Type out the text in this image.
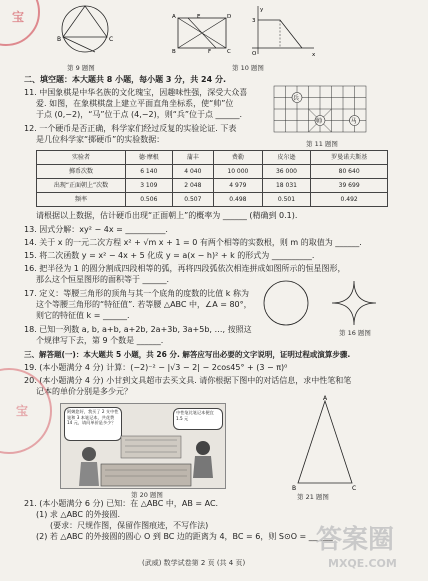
B	C
第 9 题图
A	D
E
B	C
F
y
x
O
3
第 10 题图
二、填空题：本大题共 8 小题，每小题 3 分，共 24 分.
11. 中国象棋是中华名族的文化瑰宝，因趣味性强，深受大众喜
爱. 如图，在象棋棋盘上建立平面直角坐标系，使“帅”位
于点 (0,−2)，“马”位于点 (4,−2)，则“兵”位于点 ______.
兵
帅	马
第 11 题图
12. 一个硬币是否正确，科学家们经过反复的实验论证. 下表
是几位科学家“掷硬币”的实验数据：
实验者	德·摩根	蒲丰	费勒	皮尔逊	罗曼诺夫斯基
掷币次数	6 140	4 040	10 000	36 000	80 640
出现“正面朝上”次数	3 109	2 048	4 979	18 031	39 699
频率	0.506	0.507	0.498	0.501	0.492
请根据以上数据，估计硬币出现“正面朝上”的概率为 ______ (精确到 0.1).
13. 因式分解：xy² − 4x = __________.
14. 关于 x 的一元二次方程 x² + √m x + 1 = 0 有两个相等的实数根，则 m 的取值为 ______.
15. 将二次函数 y = x² − 4x + 5 化成 y = a(x − h)² + k 的形式为 __________.
16. 把半径为 1 的圆分割成四段相等的弧，再将四段弧依次相连拼成如图所示的恒星图形，
那么这个恒星图形的面积等于 ______.
17. 定义：等腰三角形的顶角与其一个底角的度数的比值 k 称为
这个等腰三角形的“特征值”. 若等腰 △ABC 中，∠A = 80°，
则它的特征值 k = ______.
18. 已知一列数 a, b, a+b, a+2b, 2a+3b, 3a+5b, …, 按照这
个规律写下去，第 9 个数是 ______.
第 16 题图
三、解答题(一)：本大题共 5 小题，共 26 分. 解答应写出必要的文字说明，证明过程或演算步骤.
19. (本小题满分 4 分) 计算：(−2)⁻² − |√3 − 2| − 2cos45° + (3 − π)⁰
20. (本小题满分 4 分) 小甘到文具超市去买文具. 请你根据下图中的对话信息，求中性笔和笔
记本的单价分别是多少元？
阿姨您好，我买了 2 支中性笔和 3 本笔记本，共花费 14 元，请问单价是多少？
中性笔比笔记本便宜 1.5 元
第 20 题图
A
B	C
第 21 题图
21. (本小题满分 6 分) 已知：在 △ABC 中，AB = AC.
(1) 求 △ABC 的外接圆.
(要求：尺规作图，保留作图痕迹，不写作法)
(2) 若 △ABC 的外接圆的圆心 O 到 BC 边的距离为 4，BC = 6，则 S⊙O = ______.
(武威) 数学试卷第 2 页 (共 4 页)
宝
宝
答案圈
MXQE.COM
